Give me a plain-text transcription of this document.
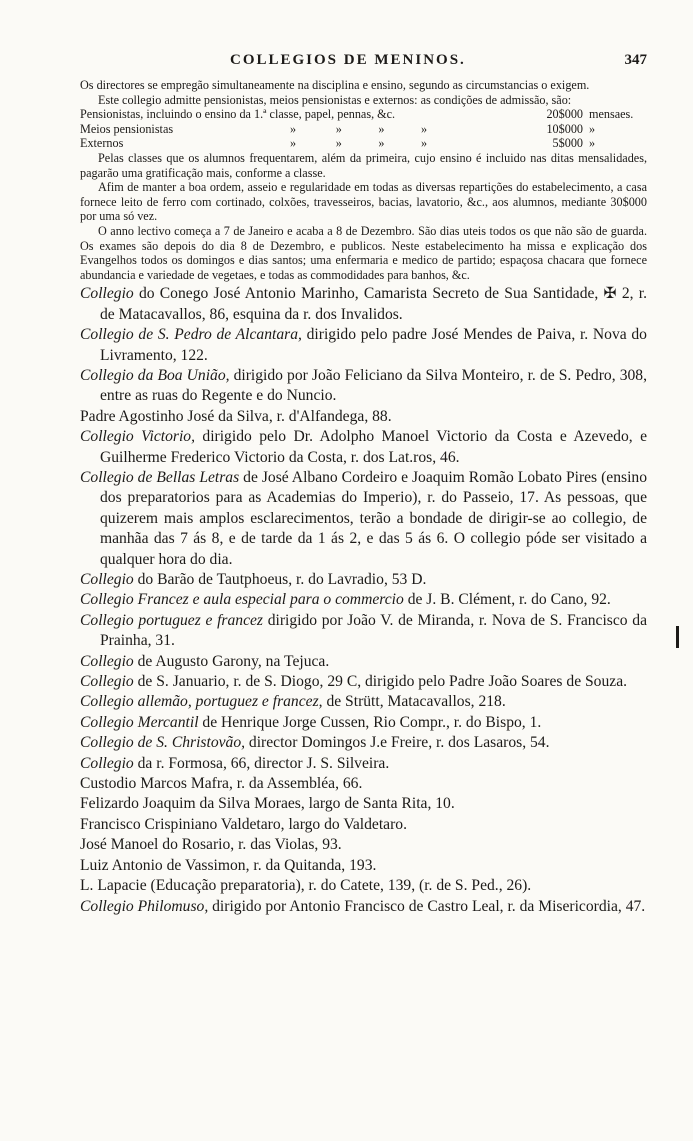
COLLEGIOS DE MENINOS.	347

Os directores se empregão simultaneamente na disciplina e ensino, segundo as circumstancias o exigem.

Este collegio admitte pensionistas, meios pensionistas e externos: as condições de admissão, são:

Pensionistas, incluindo o ensino da 1.ª classe, papel, pennas, &c.	20$000 mensaes.
Meios pensionistas	»             »            »            »	10$000 »
Externos	»             »            »            »	5$000 »

Pelas classes que os alumnos frequentarem, além da primeira, cujo ensino é incluido nas ditas mensalidades, pagarão uma gratificação mais, conforme a classe.

Afim de manter a boa ordem, asseio e regularidade em todas as diversas repartições do estabelecimento, a casa fornece leito de ferro com cortinado, colxões, travesseiros, bacias, lavatorio, &c., aos alumnos, mediante 30$000 por uma só vez.

O anno lectivo começa a 7 de Janeiro e acaba a 8 de Dezembro. São dias uteis todos os que não são de guarda. Os exames são depois do dia 8 de Dezembro, e publicos. Neste estabelecimento ha missa e explicação dos Evangelhos todos os domingos e dias santos; uma enfermaria e medico de partido; espaçosa chacara que fornece abundancia e variedade de vegetaes, e todas as commodidades para banhos, &c.

Collegio do Conego José Antonio Marinho, Camarista Secreto de Sua Santidade, ✠ 2, r. de Matacavallos, 86, esquina da r. dos Invalidos.
Collegio de S. Pedro de Alcantara, dirigido pelo padre José Mendes de Paiva, r. Nova do Livramento, 122.
Collegio da Boa União, dirigido por João Feliciano da Silva Monteiro, r. de S. Pedro, 308, entre as ruas do Regente e do Nuncio.
Padre Agostinho José da Silva, r. d'Alfandega, 88.
Collegio Victorio, dirigido pelo Dr. Adolpho Manoel Victorio da Costa e Azevedo, e Guilherme Frederico Victorio da Costa, r. dos Lat.ros, 46.
Collegio de Bellas Letras de José Albano Cordeiro e Joaquim Romão Lobato Pires (ensino dos preparatorios para as Academias do Imperio), r. do Passeio, 17. As pessoas, que quizerem mais amplos esclarecimentos, terão a bondade de dirigir-se ao collegio, de manhãa das 7 ás 8, e de tarde da 1 ás 2, e das 5 ás 6. O collegio póde ser visitado a qualquer hora do dia.
Collegio do Barão de Tautphoeus, r. do Lavradio, 53 D.
Collegio Francez e aula especial para o commercio de J. B. Clément, r. do Cano, 92.
Collegio portuguez e francez dirigido por João V. de Miranda, r. Nova de S. Francisco da Prainha, 31.
Collegio de Augusto Garony, na Tejuca.
Collegio de S. Januario, r. de S. Diogo, 29 C, dirigido pelo Padre João Soares de Souza.
Collegio allemão, portuguez e francez, de Strütt, Matacavallos, 218.
Collegio Mercantil de Henrique Jorge Cussen, Rio Compr., r. do Bispo, 1.
Collegio de S. Christovão, director Domingos J.e Freire, r. dos Lasaros, 54.
Collegio da r. Formosa, 66, director J. S. Silveira.
Custodio Marcos Mafra, r. da Assembléa, 66.
Felizardo Joaquim da Silva Moraes, largo de Santa Rita, 10.
Francisco Crispiniano Valdetaro, largo do Valdetaro.
José Manoel do Rosario, r. das Violas, 93.
Luiz Antonio de Vassimon, r. da Quitanda, 193.
L. Lapacie (Educação preparatoria), r. do Catete, 139, (r. de S. Ped., 26).
Collegio Philomuso, dirigido por Antonio Francisco de Castro Leal, r. da Misericordia, 47.
